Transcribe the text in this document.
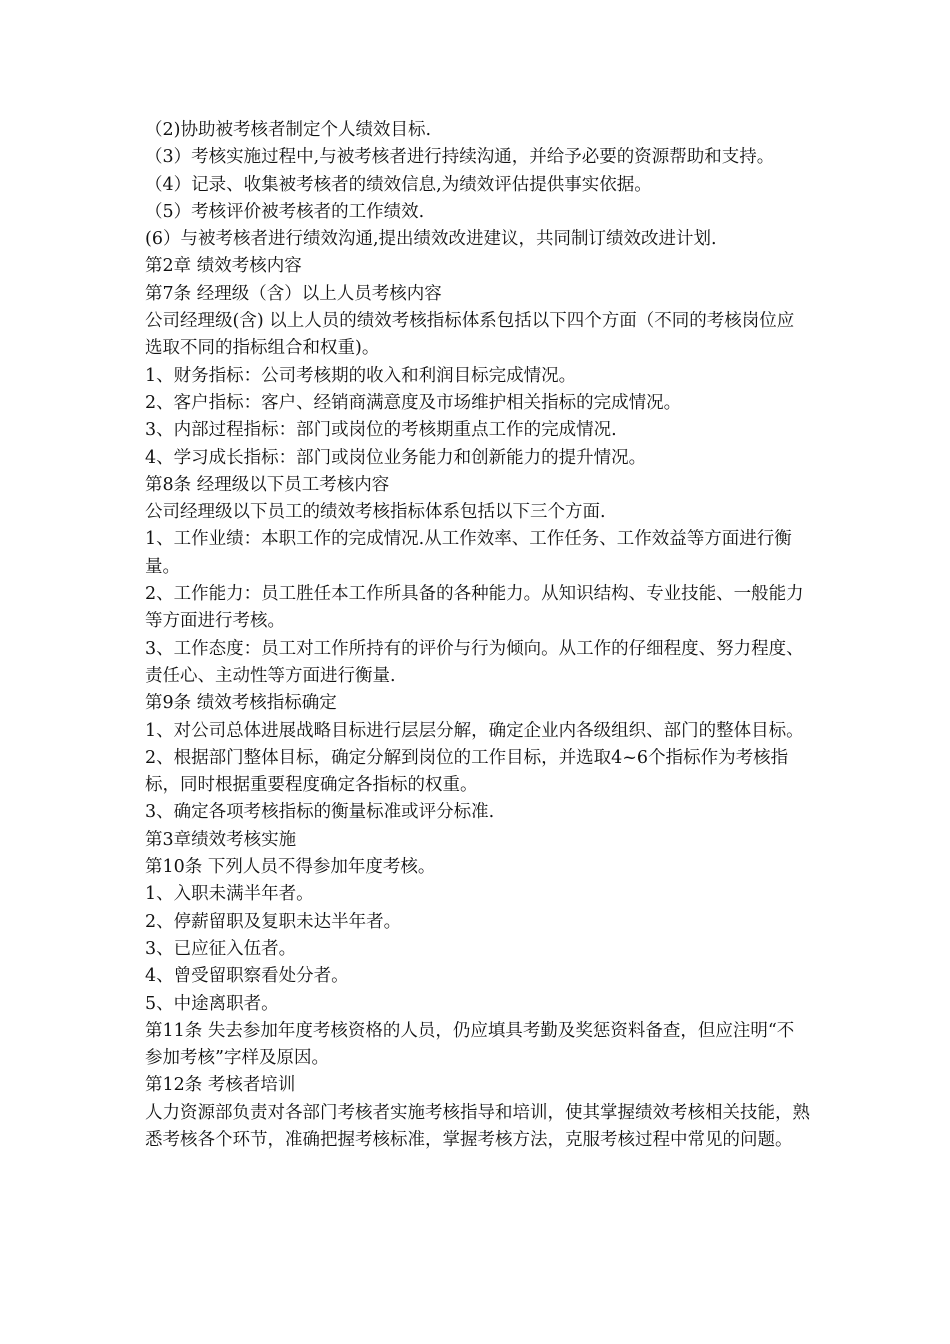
（2)协助被考核者制定个人绩效目标.

（3）考核实施过程中,与被考核者进行持续沟通，并给予必要的资源帮助和支持。

（4）记录、收集被考核者的绩效信息,为绩效评估提供事实依据。

（5）考核评价被考核者的工作绩效.

(6）与被考核者进行绩效沟通,提出绩效改进建议，共同制订绩效改进计划.

第2章 绩效考核内容

第7条 经理级（含）以上人员考核内容

公司经理级(含) 以上人员的绩效考核指标体系包括以下四个方面（不同的考核岗位应选取不同的指标组合和权重)。

1、财务指标：公司考核期的收入和利润目标完成情况。

2、客户指标：客户、经销商满意度及市场维护相关指标的完成情况。

3、内部过程指标：部门或岗位的考核期重点工作的完成情况.

4、学习成长指标：部门或岗位业务能力和创新能力的提升情况。

第8条 经理级以下员工考核内容

公司经理级以下员工的绩效考核指标体系包括以下三个方面.

1、工作业绩：本职工作的完成情况.从工作效率、工作任务、工作效益等方面进行衡量。

2、工作能力：员工胜任本工作所具备的各种能力。从知识结构、专业技能、一般能力等方面进行考核。

3、工作态度：员工对工作所持有的评价与行为倾向。从工作的仔细程度、努力程度、责任心、主动性等方面进行衡量.

第9条 绩效考核指标确定

1、对公司总体进展战略目标进行层层分解，确定企业内各级组织、部门的整体目标。

2、根据部门整体目标，确定分解到岗位的工作目标，并选取4~6个指标作为考核指标，同时根据重要程度确定各指标的权重。

3、确定各项考核指标的衡量标准或评分标准.

第3章绩效考核实施

第10条 下列人员不得参加年度考核。

1、入职未满半年者。

2、停薪留职及复职未达半年者。

3、已应征入伍者。

4、曾受留职察看处分者。

5、中途离职者。

第11条 失去参加年度考核资格的人员，仍应填具考勤及奖惩资料备查，但应注明“不参加考核”字样及原因。

第12条 考核者培训

人力资源部负责对各部门考核者实施考核指导和培训，使其掌握绩效考核相关技能，熟悉考核各个环节，准确把握考核标准，掌握考核方法，克服考核过程中常见的问题。
